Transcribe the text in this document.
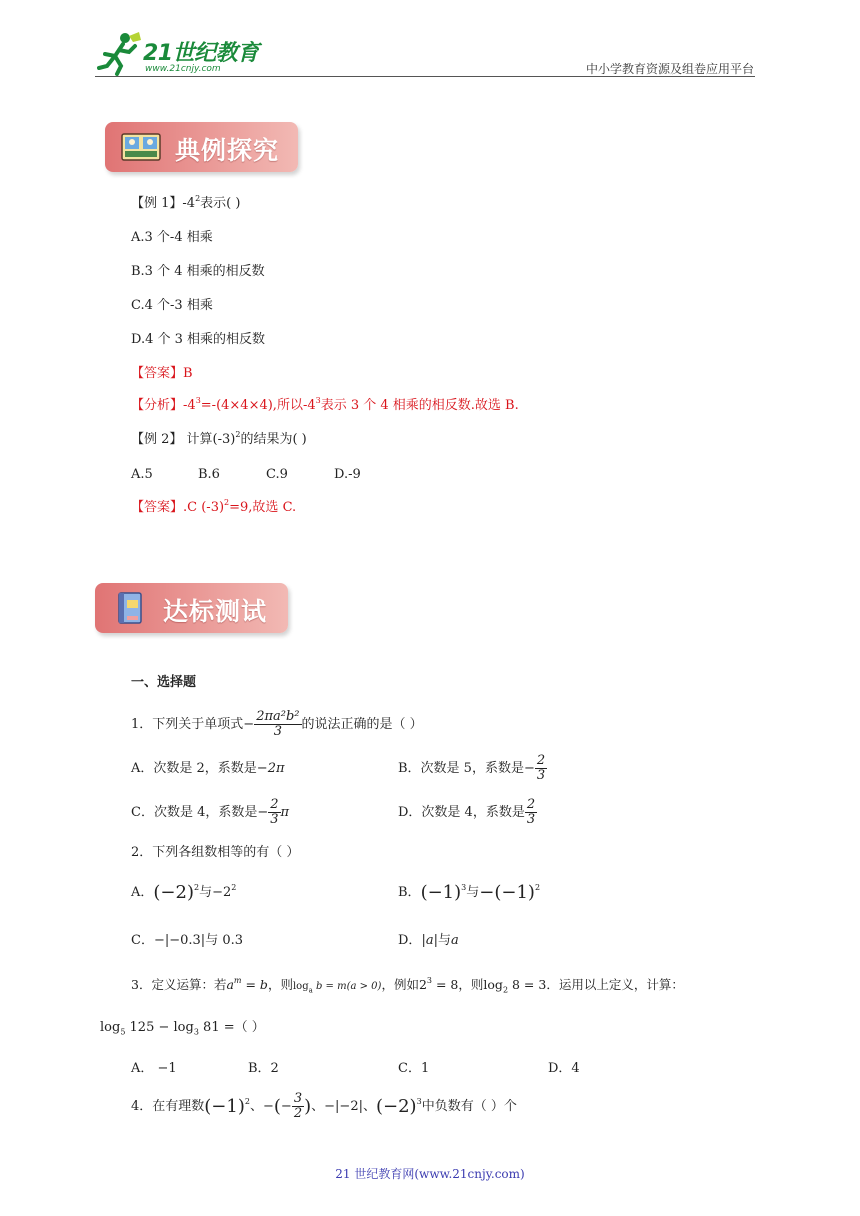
21世纪教育
www.21cnjy.com	中小学教育资源及组卷应用平台
典例探究
【例 1】$-4^2$表示( )
A.3 个-4 相乘
B.3 个 4 相乘的相反数
C.4 个-3 相乘
D.4 个 3 相乘的相反数
【答案】B
【分析】$-4^3=-(4\times 4\times 4)$,所以$-4^3$表示 3 个 4 相乘的相反数.故选 B.
【例 2】 计算$(-3)^2$的结果为( )
A.5	B.6	C.9	D.-9
【答案】.C $(-3)^2=9$,故选 C.
达标测试
一、选择题
1．下列关于单项式− $\frac{\text{2πa²b²}}{3}$ 的说法正确的是（ ）
A．次数是 2，系数是−2π	B．次数是 5，系数是− $\frac{2}{3}$
C．次数是 4，系数是− $\frac{2}{3}$ π	D．次数是 4，系数是 $\frac{2}{3}$
2．下列各组数相等的有（ ）
A．$(-2)^2$与$-2^2$	B．$(-1)^3$与$-(-1)^2$
C．−|−0.3|与 0.3	D．|a|与a
3．定义运算：若$a^m = b$，则$\log_a b = m(a > 0)$，例如$2^3 = 8$，则$\log_2 8 = 3$．运用以上定义，计算：
$\log_5 125 - \log_3 81$ =（ ）
A． −1	B．2	C．1	D．4
4．在有理数$(-1)^2$、−(− $\frac{3}{2}$ )、−|−2|、$(-2)^3$中负数有（ ）个
21 世纪教育网(www.21cnjy.com)
